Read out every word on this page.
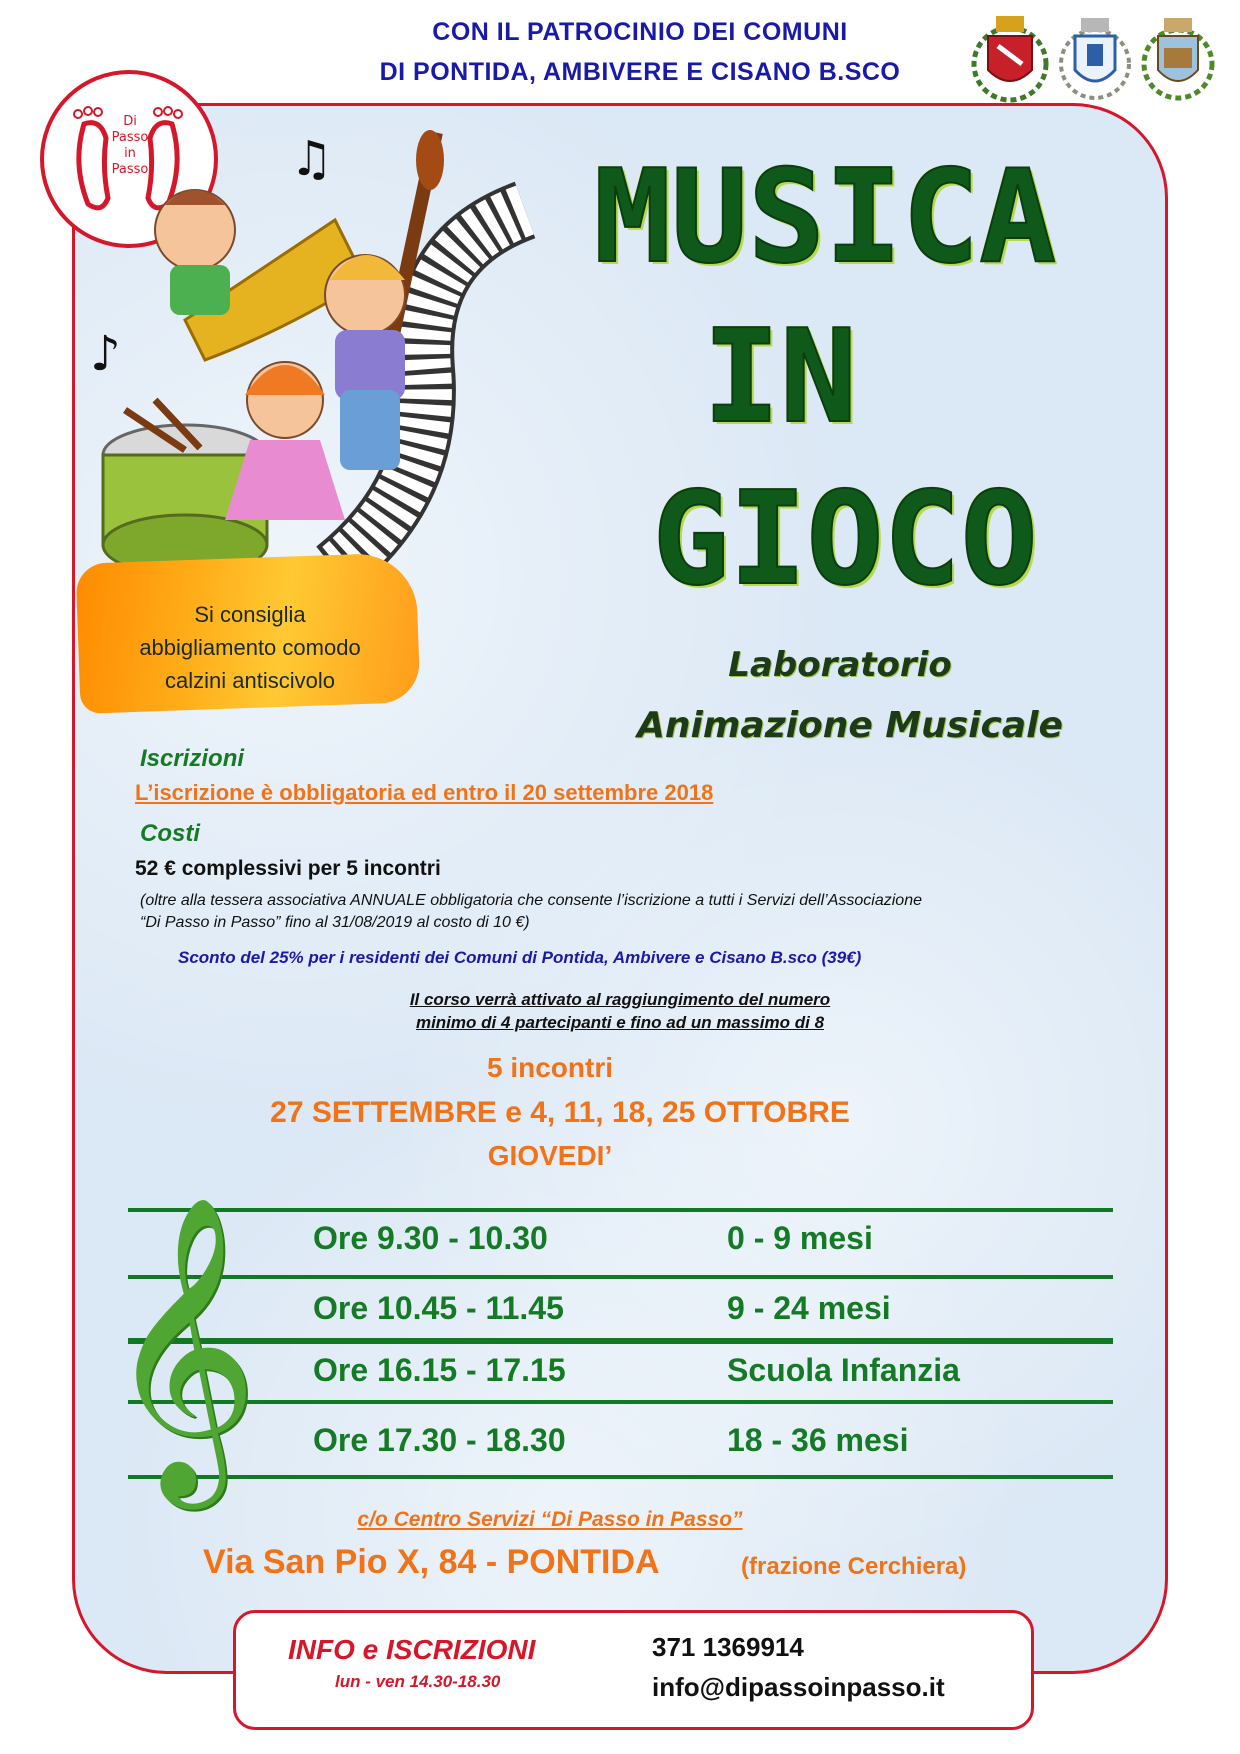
CON IL PATROCINIO DEI COMUNI
DI PONTIDA, AMBIVERE E CISANO B.SCO
Di
Passo
in
Passo	♫
♪
MUSICA
IN
GIOCO
Laboratorio
Animazione Musicale
Si consiglia
abbigliamento comodo
calzini antiscivolo
Iscrizioni
L’iscrizione è obbligatoria ed entro il 20 settembre 2018
Costi
52 € complessivi per 5 incontri
(oltre alla tessera associativa ANNUALE obbligatoria che consente l’iscrizione a tutti i Servizi dell’Associazione
“Di Passo in Passo” fino al 31/08/2019 al costo di 10 €)
Sconto del 25% per i residenti dei Comuni di Pontida, Ambivere e Cisano B.sco (39€)
Il corso verrà attivato al raggiungimento del numero
minimo di 4 partecipanti e fino ad un massimo di 8
5 incontri
27 SETTEMBRE e 4, 11, 18, 25 OTTOBRE
GIOVEDI’
𝄞	Ore 9.30 - 10.30	0 - 9 mesi
Ore 10.45 - 11.45	9 - 24 mesi
Ore 16.15 - 17.15	Scuola Infanzia
Ore 17.30 - 18.30	18 - 36 mesi
c/o Centro Servizi “Di Passo in Passo”
Via San Pio X, 84 - PONTIDA	(frazione Cerchiera)
INFO e ISCRIZIONI
lun - ven 14.30-18.30
371 1369914
info@dipassoinpasso.it
